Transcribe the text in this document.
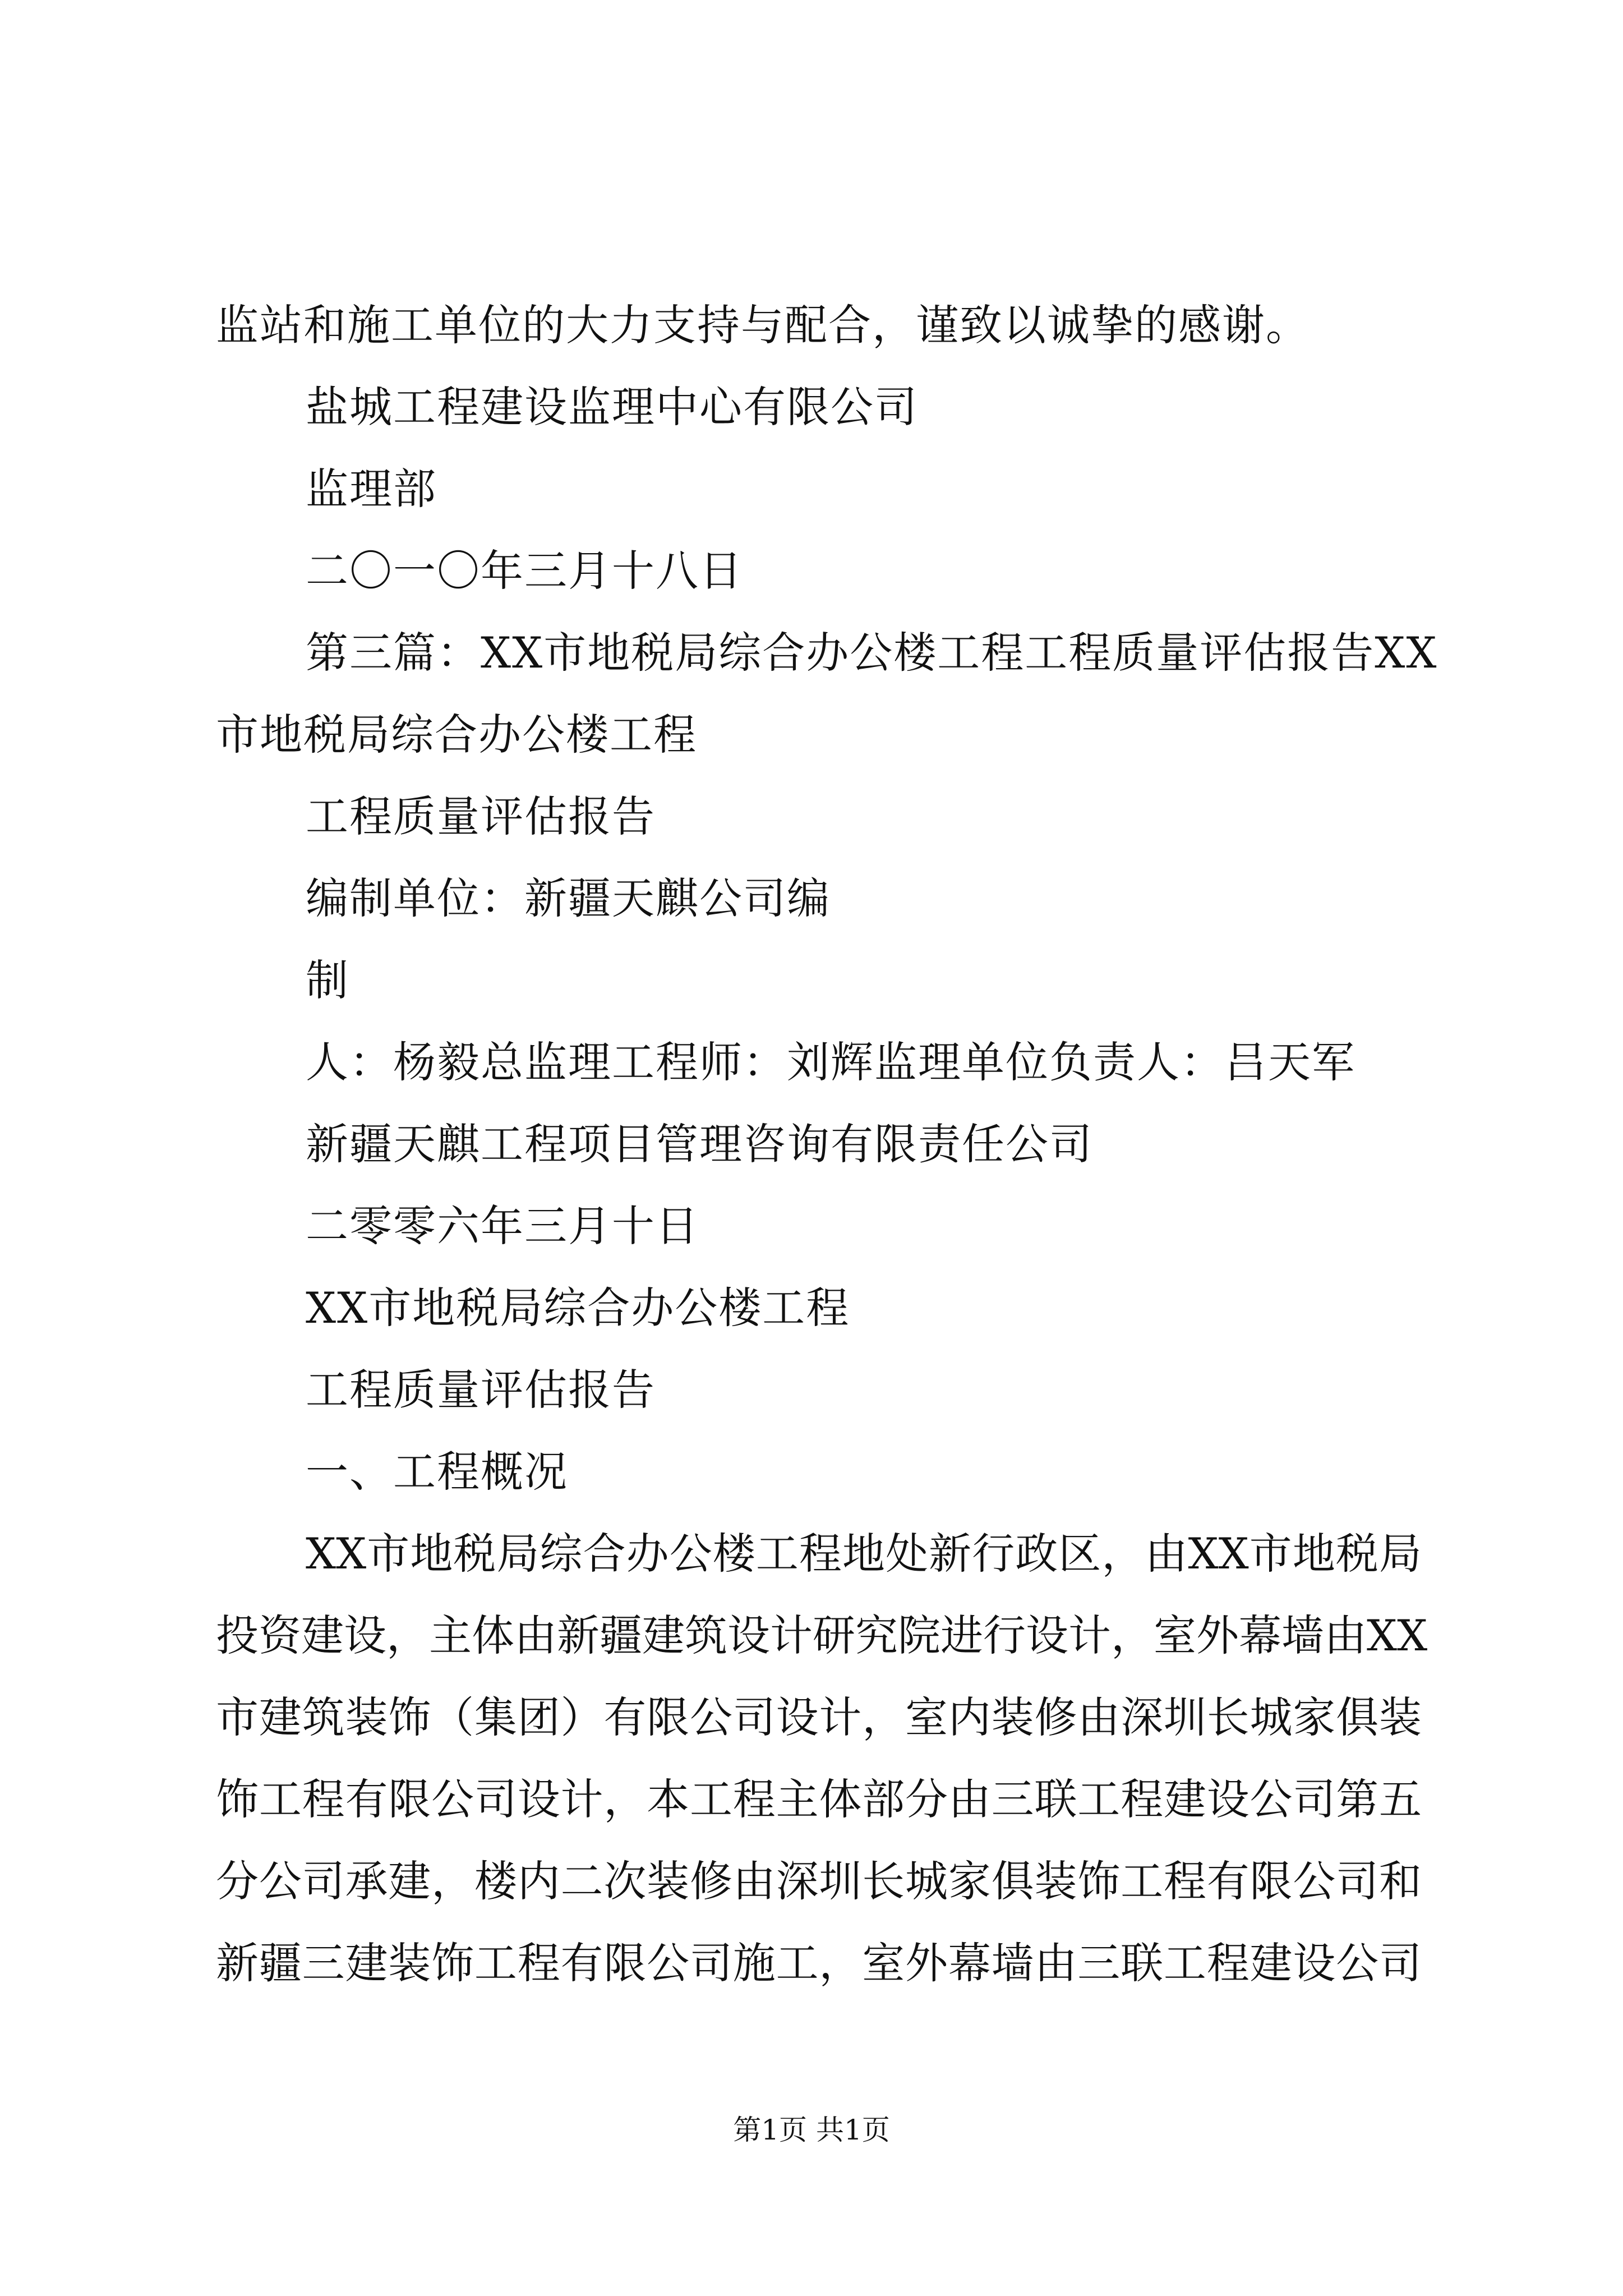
监站和施工单位的大力支持与配合，谨致以诚挚的感谢。
盐城工程建设监理中心有限公司
监理部
二〇一〇年三月十八日
第三篇：XX市地税局综合办公楼工程工程质量评估报告XX
市地税局综合办公楼工程
工程质量评估报告
编制单位：新疆天麒公司编
制
人：杨毅总监理工程师：刘辉监理单位负责人：吕天军
新疆天麒工程项目管理咨询有限责任公司
二零零六年三月十日
XX市地税局综合办公楼工程
工程质量评估报告
一、工程概况
XX市地税局综合办公楼工程地处新行政区，由XX市地税局
投资建设，主体由新疆建筑设计研究院进行设计，室外幕墙由XX
市建筑装饰（集团）有限公司设计，室内装修由深圳长城家俱装
饰工程有限公司设计，本工程主体部分由三联工程建设公司第五
分公司承建，楼内二次装修由深圳长城家俱装饰工程有限公司和
新疆三建装饰工程有限公司施工，室外幕墙由三联工程建设公司
第1页 共1页
